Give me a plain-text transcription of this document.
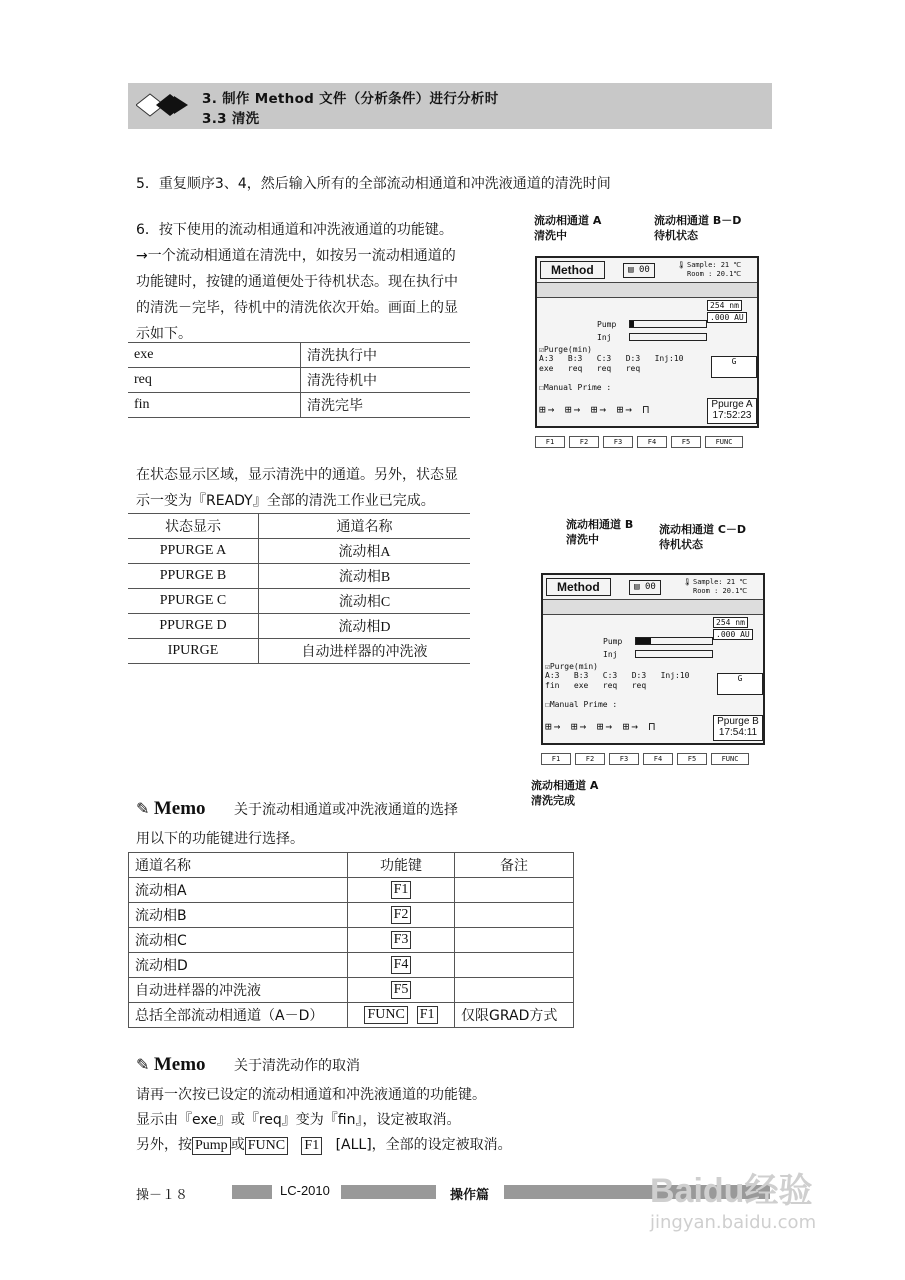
3. 制作 Method 文件（分析条件）进行分析时
3.3 清洗
5．重复顺序3、4，然后输入所有的全部流动相通道和冲洗液通道的清洗时间
6．按下使用的流动相通道和冲洗液通道的功能键。
→一个流动相通道在清洗中，如按另一流动相通道的
功能键时，按键的通道便处于待机状态。现在执行中
的清洗－完毕，待机中的清洗依次开始。画面上的显
示如下。
exe	清洗执行中
req	清洗待机中
fin	清洗完毕
在状态显示区域，显示清洗中的通道。另外，状态显
示一变为『READY』全部的清洗工作业已完成。
状态显示	通道名称
PPURGE A	流动相A
PPURGE B	流动相B
PPURGE C	流动相C
PPURGE D	流动相D
IPURGE	自动进样器的冲洗液
流动相通道 A
清洗中
流动相通道 B－D
待机状态
Method	▤ 00	🌡 Sample: 21 ℃
Room : 20.1℃
254 nm
.000 AU
Pump
Inj
☑Purge(min)
A:3   B:3   C:3   D:3   Inj:10
exe   req   req   req
G
☐Manual Prime :
⊞→ ⊞→ ⊞→ ⊞→ ⊓	Ppurge A
17:52:23
F1	F2	F3	F4	F5	FUNC
流动相通道 B
清洗中
流动相通道 C－D
待机状态
Method	▤ 00	🌡 Sample: 21 ℃
Room : 20.1℃
254 nm
.000 AU
Pump
Inj
☑Purge(min)
A:3   B:3   C:3   D:3   Inj:10
fin   exe   req   req
G
☐Manual Prime :
⊞→ ⊞→ ⊞→ ⊞→ ⊓	Ppurge B
17:54:11
F1	F2	F3	F4	F5	FUNC
流动相通道 A
清洗完成
✎ Memo 关于流动相通道或冲洗液通道的选择
用以下的功能键进行选择。
通道名称	功能键	备注
流动相A	F1	
流动相B	F2	
流动相C	F3	
流动相D	F4	
自动进样器的冲洗液	F5	
总括全部流动相通道（A－D）	FUNC F1	仅限GRAD方式
✎ Memo 关于清洗动作的取消
请再一次按已设定的流动相通道和冲洗液通道的功能键。
显示由『exe』或『req』变为『fin』，设定被取消。
另外，按 Pump 或 FUNC F1 [ALL]，全部的设定被取消。
操－１８	LC-2010	操作篇	Baidu经验
jingyan.baidu.com
